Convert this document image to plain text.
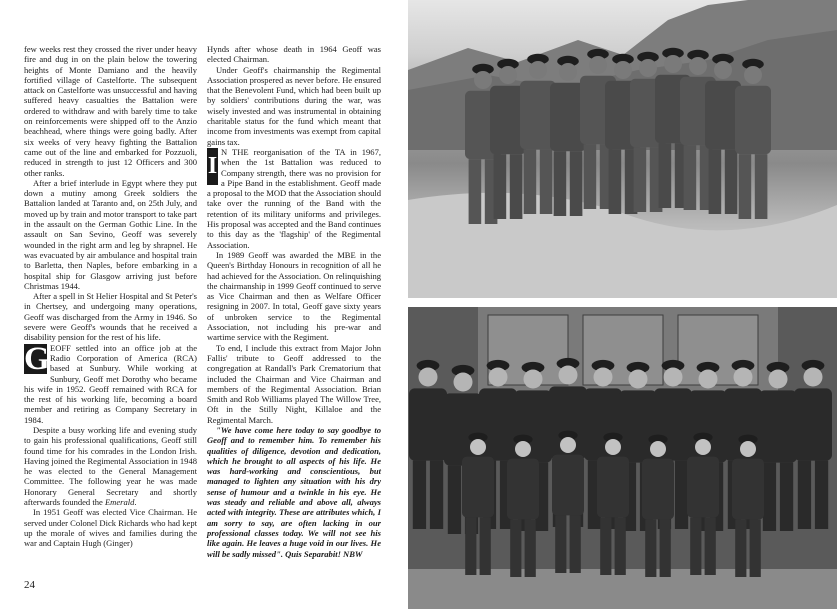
few weeks rest they crossed the river under heavy fire and dug in on the plain below the towering heights of Monte Damiano and the heavily fortified village of Castelforte. The subsequent attack on Castelforte was unsuccessful and having suffered heavy casualties the Battalion were ordered to withdraw and with barely time to take on reinforcements were shipped off to the Anzio beachhead, where things were going badly. After six weeks of very heavy fighting the Battalion came out of the line and embarked for Pozzuoli, reduced in strength to just 12 Officers and 300 other ranks.

After a brief interlude in Egypt where they put down a mutiny among Greek soldiers the Battalion landed at Taranto and, on 25th July, and moved up by train and motor transport to take part in the assault on the German Gothic Line. In the assault on San Sevino, Geoff was severely wounded in the right arm and leg by shrapnel. He was evacuated by air ambulance and hospital train to Barletta, then Naples, before embarking in a hospital ship for Glasgow arriving just before Christmas 1944.

After a spell in St Helier Hospital and St Peter's in Chertsey, and undergoing many operations, Geoff was discharged from the Army in 1946. So severe were Geoff's wounds that he received a disability pension for the rest of his life.

G EOFF settled into an office job at the Radio Corporation of America (RCA) based at Sunbury. While working at Sunbury, Geoff met Dorothy who became his wife in 1952. Geoff remained with RCA for the rest of his working life, becoming a board member and retiring as Company Secretary in 1984.

Despite a busy working life and evening study to gain his professional qualifications, Geoff still found time for his comrades in the London Irish. Having joined the Regimental Association in 1948 he was elected to the General Management Committee. The following year he was made Honorary General Secretary and shortly afterwards founded the Emerald.

In 1951 Geoff was elected Vice Chairman. He served under Colonel Dick Richards who had kept up the morale of wives and families during the war and Captain Hugh (Ginger)

Hynds after whose death in 1964 Geoff was elected Chairman.

Under Geoff's chairmanship the Regimental Association prospered as never before. He ensured that the Benevolent Fund, which had been built up by soldiers' contributions during the war, was wisely invested and was instrumental in obtaining charitable status for the fund which meant that income from investments was exempt from capital gains tax.

I
N THE reorganisation of the TA in 1967, when the 1st Battalion was reduced to Company strength, there was no provision for a Pipe Band in the establishment. Geoff made a proposal to the MOD that the Association should take over the running of the Band with the retention of its military uniforms and privileges. His proposal was accepted and the Band continues to this day as the 'flagship' of the Regimental Association.

In 1989 Geoff was awarded the MBE in the Queen's Birthday Honours in recognition of all he had achieved for the Association. On relinquishing the chairmanship in 1999 Geoff continued to serve as Vice Chairman and then as Welfare Officer resigning in 2007. In total, Geoff gave sixty years of unbroken service to the Regimental Association, not including his pre-war and wartime service with the Regiment.

To end, I include this extract from Major John Fallis' tribute to Geoff addressed to the congregation at Randall's Park Crematorium that included the Chairman and Vice Chairman and members of the Regimental Association. Brian Smith and Rob Williams played The Willow Tree, Oft in the Stilly Night, Killaloe and the Regimental March.

"We have come here today to say goodbye to Geoff and to remember him. To remember his qualities of diligence, devotion and dedication, which he brought to all aspects of his life. He was hard-working and conscientious, but managed to lighten any situation with his dry sense of humour and a twinkle in his eye. He was steady and reliable and above all, always acted with integrity. These are attributes which, I am sorry to say, are often lacking in our professional classes today. We will not see his like again. He leaves a huge void in our lives. He will be sadly missed". Quis Separabit! NBW

24
